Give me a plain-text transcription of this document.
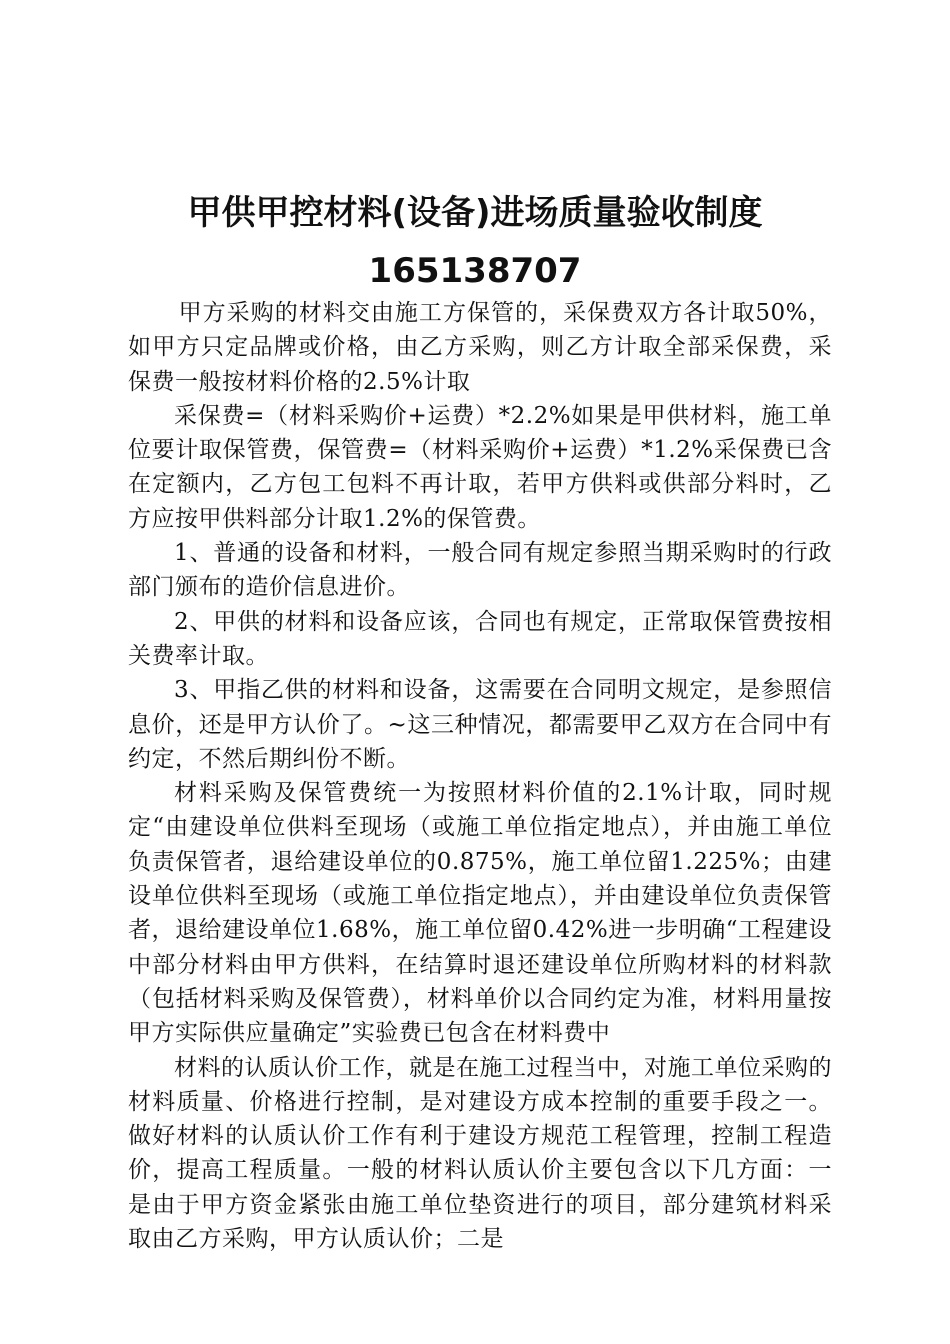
甲供甲控材料(设备)进场质量验收制度
165138707

甲方采购的材料交由施工方保管的，采保费双方各计取50%，如甲方只定品牌或价格，由乙方采购，则乙方计取全部采保费，采保费一般按材料价格的2.5%计取

采保费=（材料采购价+运费）*2.2%如果是甲供材料，施工单位要计取保管费，保管费=（材料采购价+运费）*1.2%采保费已含在定额内，乙方包工包料不再计取，若甲方供料或供部分料时，乙方应按甲供料部分计取1.2%的保管费。

1、普通的设备和材料，一般合同有规定参照当期采购时的行政部门颁布的造价信息进价。

2、甲供的材料和设备应该，合同也有规定，正常取保管费按相关费率计取。

3、甲指乙供的材料和设备，这需要在合同明文规定，是参照信息价，还是甲方认价了。~这三种情况，都需要甲乙双方在合同中有约定，不然后期纠份不断。

材料采购及保管费统一为按照材料价值的2.1%计取，同时规定“由建设单位供料至现场（或施工单位指定地点），并由施工单位负责保管者，退给建设单位的0.875%，施工单位留1.225%；由建设单位供料至现场（或施工单位指定地点），并由建设单位负责保管者，退给建设单位1.68%，施工单位留0.42%进一步明确“工程建设中部分材料由甲方供料，在结算时退还建设单位所购材料的材料款（包括材料采购及保管费），材料单价以合同约定为准，材料用量按甲方实际供应量确定”实验费已包含在材料费中

材料的认质认价工作，就是在施工过程当中，对施工单位采购的材料质量、价格进行控制，是对建设方成本控制的重要手段之一。做好材料的认质认价工作有利于建设方规范工程管理，控制工程造价，提高工程质量。一般的材料认质认价主要包含以下几方面：一是由于甲方资金紧张由施工单位垫资进行的项目，部分建筑材料采取由乙方采购，甲方认质认价；二是
